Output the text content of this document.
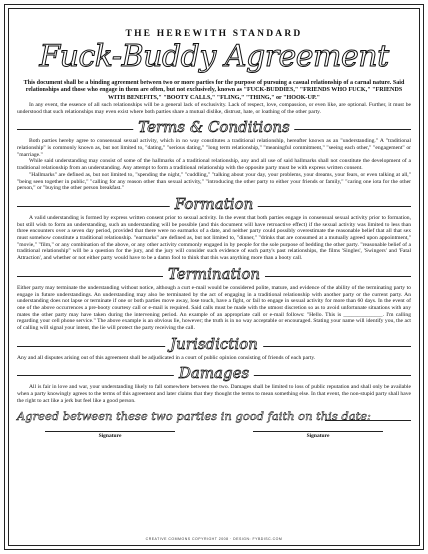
THE HEREWITH STANDARD
Fuck-Buddy Agreement
This document shall be a binding agreement between two or more parties for the purpose of pursuing a casual relationship of a carnal nature. Said relationships and those who engage in them are often, but not exclusively, known as "FUCK-BUDDIES," "FRIENDS WHO FUCK," "FRIENDS WITH BENEFITS," "BOOTY CALLS," "FLING," "THING," or "HOOK-UP."

In any event, the essence of all such relationships will be a general lack of exclusivity. Lack of respect, love, compassion, or even like, are optional. Further, it must be understood that such relationships may even exist where both parties share a mutual dislike, distrust, hate, or loathing of the other party.

Terms & Conditions

Both parties hereby agree to consensual sexual activity, which in no way constitutes a traditional relationship, hereafter known as an "understanding." A "traditional relationship" is commonly known as, but not limited to, "dating," "serious dating," "long term relationship," "meaningful commitment," "seeing each other," "engagement" or "marriage."

While said understanding may consist of some of the hallmarks of a traditional relationship, any and all use of said hallmarks shall not constitute the development of a traditional relationship from an understanding. Any attempt to form a traditional relationship with the opposite party must be with express written consent.

"Hallmarks" are defined as, but not limited to, "spending the night," "cuddling," "talking about your day, your problems, your dreams, your fears, or even talking at all," "being seen together in public," "calling for any reason other than sexual activity," "introducing the other party to either your friends or family," "caring one iota for the other person," or "buying the other person breakfast."

Formation

A valid understanding is formed by express written consent prior to sexual activity. In the event that both parties engage in consensual sexual activity prior to formation, but still wish to form an understanding, such an understanding will be possible (and this document will have retroactive effect) if the sexual activity was limited to less than three encounters over a seven day period, provided that there were no earmarks of a date, and neither party could possibly overestimate the reasonable belief that all that sex must somehow constitute a traditional relationship. "earmarks" are defined as, but not limited to, "dinner," "drinks that are consumed at a mutually agreed upon appointment," "movie," "film," or any combination of the above, or any other activity commonly engaged in by people for the sole purpose of bedding the other party. "reasonable belief of a traditional relationship" will be a question for the jury, and the jury will consider such evidence of each party's past relationships, the films 'Singles', 'Swingers' and 'Fatal Attraction', and whether or not either party would have to be a damn fool to think that this was anything more than a booty call.

Termination

Either party may terminate the understanding without notice, although a curt e-mail would be considered polite, mature, and evidence of the ability of the terminating party to engage in future understandings. An understanding may also be terminated by the act of engaging in a traditional relationship with another party or the current party. An understanding does not lapse or terminate if one or both parties move away, lose touch, have a fight, or fail to engage in sexual activity for more than 60 days. In the event of one of the above occurrences a pre-booty courtesy call or e-mail is required. Said calls must be made with the utmost discretion so as to avoid unfortunate situations with any mates the other party may have taken during the intervening period. An example of an appropriate call or e-mail follows: "Hello. This is ______________. I'm calling regarding your cell phone service." The above example is an obvious lie, however; the truth is in no way acceptable or encouraged. Stating your name will identify you, the act of calling will signal your intent, the lie will protect the party receiving the call.

Jurisdiction

Any and all disputes arising out of this agreement shall be adjudicated in a court of public opinion consisting of friends of each party.

Damages

All is fair in love and war, your understanding likely to fall somewhere between the two. Damages shall be limited to loss of public reputation and shall only be available when a party knowingly agrees to the terms of this agreement and later claims that they thought the terms to mean something else. In that event, the non-stupid party shall have the right to act like a jerk but feel like a good person.

Agreed between these two parties in good faith on this date:
Signature	Signature
CREATIVE COMMONS COPYRIGHT 2008 · DESIGN: FYBDISC.COM
